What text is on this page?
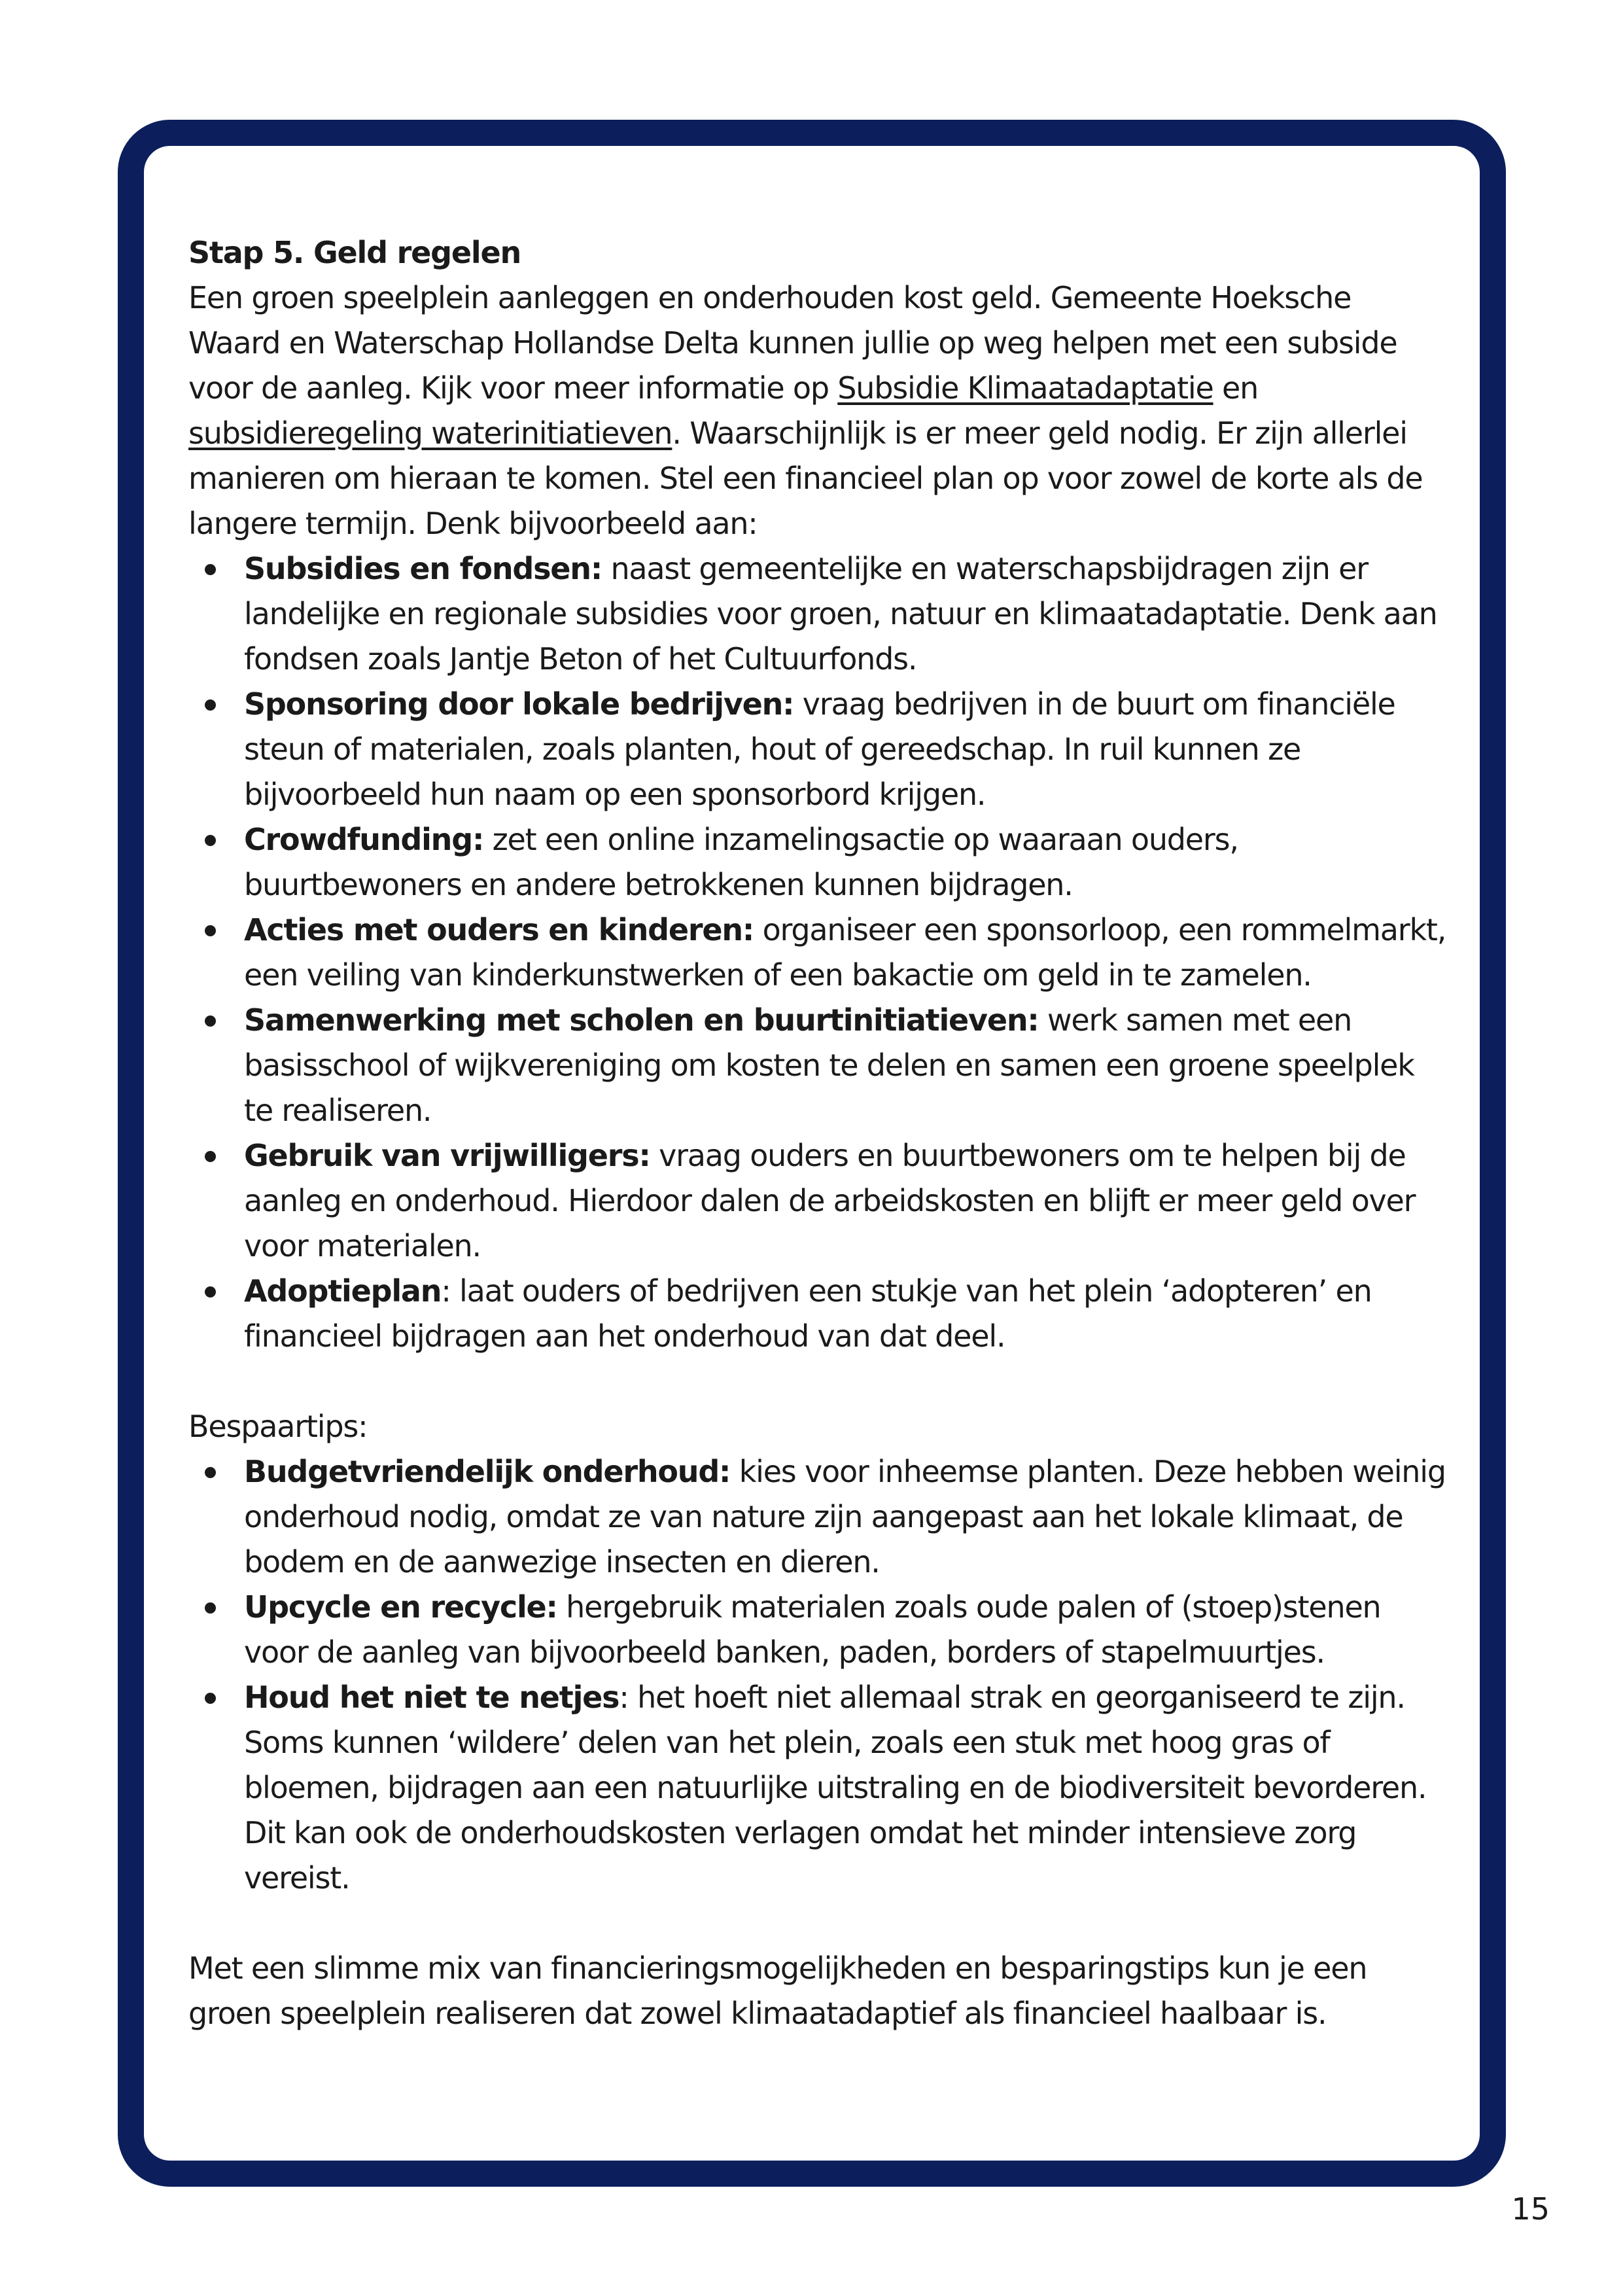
Stap 5. Geld regelen

Een groen speelplein aanleggen en onderhouden kost geld. Gemeente Hoeksche Waard en Waterschap Hollandse Delta kunnen jullie op weg helpen met een subside voor de aanleg. Kijk voor meer informatie op Subsidie Klimaatadaptatie en subsidieregeling waterinitiatieven. Waarschijnlijk is er meer geld nodig. Er zijn allerlei manieren om hieraan te komen. Stel een financieel plan op voor zowel de korte als de langere termijn. Denk bijvoorbeeld aan:

Subsidies en fondsen: naast gemeentelijke en waterschapsbijdragen zijn er landelijke en regionale subsidies voor groen, natuur en klimaatadaptatie. Denk aan fondsen zoals Jantje Beton of het Cultuurfonds.
Sponsoring door lokale bedrijven: vraag bedrijven in de buurt om financiële steun of materialen, zoals planten, hout of gereedschap. In ruil kunnen ze bijvoorbeeld hun naam op een sponsorbord krijgen.
Crowdfunding: zet een online inzamelingsactie op waaraan ouders, buurtbewoners en andere betrokkenen kunnen bijdragen.
Acties met ouders en kinderen: organiseer een sponsorloop, een rommelmarkt, een veiling van kinderkunstwerken of een bakactie om geld in te zamelen.
Samenwerking met scholen en buurtinitiatieven: werk samen met een basisschool of wijkvereniging om kosten te delen en samen een groene speelplek te realiseren.
Gebruik van vrijwilligers: vraag ouders en buurtbewoners om te helpen bij de aanleg en onderhoud. Hierdoor dalen de arbeidskosten en blijft er meer geld over voor materialen.
Adoptieplan: laat ouders of bedrijven een stukje van het plein ‘adopteren’ en financieel bijdragen aan het onderhoud van dat deel.

Bespaartips:

Budgetvriendelijk onderhoud: kies voor inheemse planten. Deze hebben weinig onderhoud nodig, omdat ze van nature zijn aangepast aan het lokale klimaat, de bodem en de aanwezige insecten en dieren.
Upcycle en recycle: hergebruik materialen zoals oude palen of (stoep)stenen voor de aanleg van bijvoorbeeld banken, paden, borders of stapelmuurtjes.
Houd het niet te netjes: het hoeft niet allemaal strak en georganiseerd te zijn. Soms kunnen ‘wildere’ delen van het plein, zoals een stuk met hoog gras of bloemen, bijdragen aan een natuurlijke uitstraling en de biodiversiteit bevorderen. Dit kan ook de onderhoudskosten verlagen omdat het minder intensieve zorg vereist.

Met een slimme mix van financieringsmogelijkheden en besparingstips kun je een groen speelplein realiseren dat zowel klimaatadaptief als financieel haalbaar is.

15
